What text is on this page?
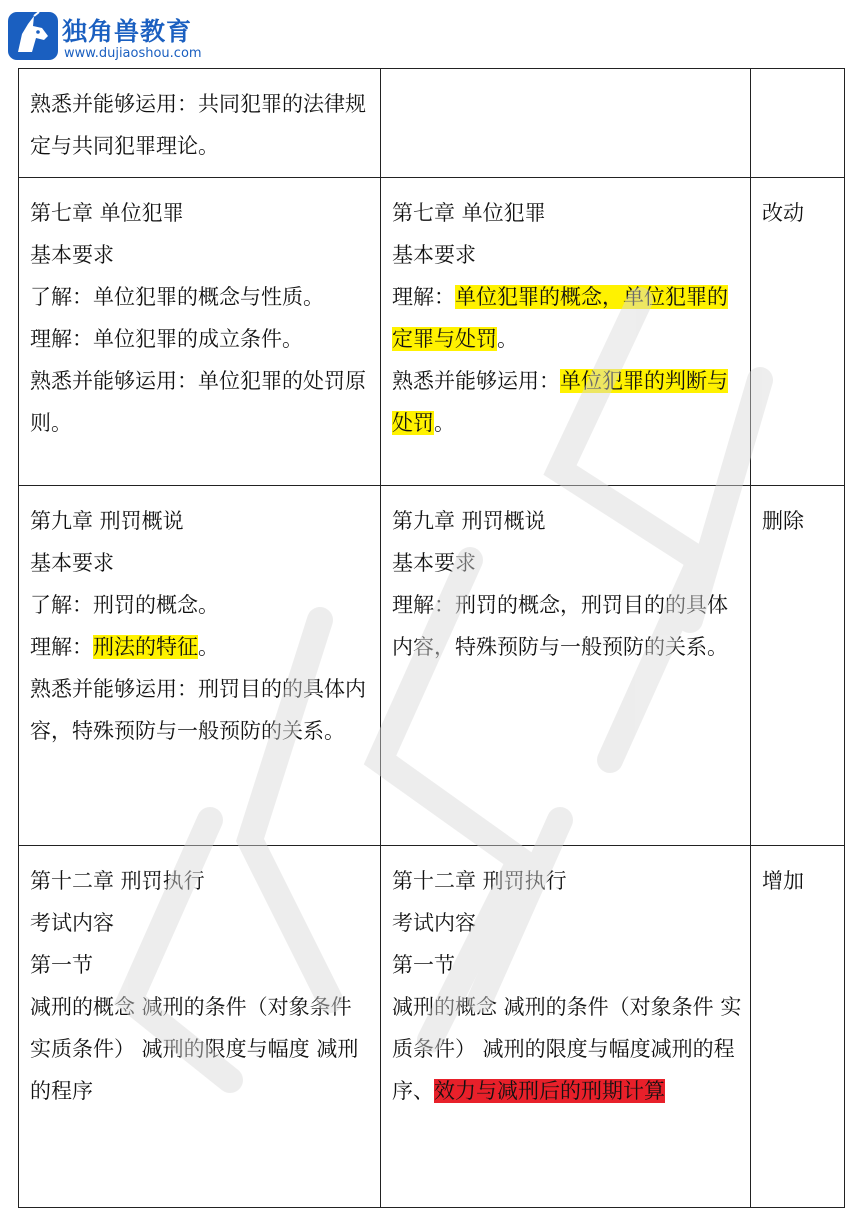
独角兽教育
www.dujiaoshou.com
熟悉并能够运用：共同犯罪的法律规定与共同犯罪理论。		

第七章 单位犯罪
基本要求
了解：单位犯罪的概念与性质。
理解：单位犯罪的成立条件。
熟悉并能够运用：单位犯罪的处罚原则。	第七章 单位犯罪
基本要求
理解：单位犯罪的概念，单位犯罪的定罪与处罚。
熟悉并能够运用：单位犯罪的判断与处罚。	改动

第九章 刑罚概说
基本要求
了解：刑罚的概念。
理解：刑法的特征。
熟悉并能够运用：刑罚目的的具体内容，特殊预防与一般预防的关系。	第九章 刑罚概说
基本要求
理解：刑罚的概念，刑罚目的的具体内容，特殊预防与一般预防的关系。	删除

第十二章 刑罚执行
考试内容
第一节
减刑的概念 减刑的条件（对象条件 实质条件） 减刑的限度与幅度 减刑的程序	第十二章 刑罚执行
考试内容
第一节
减刑的概念 减刑的条件（对象条件 实质条件） 减刑的限度与幅度减刑的程序、效力与减刑后的刑期计算	增加
